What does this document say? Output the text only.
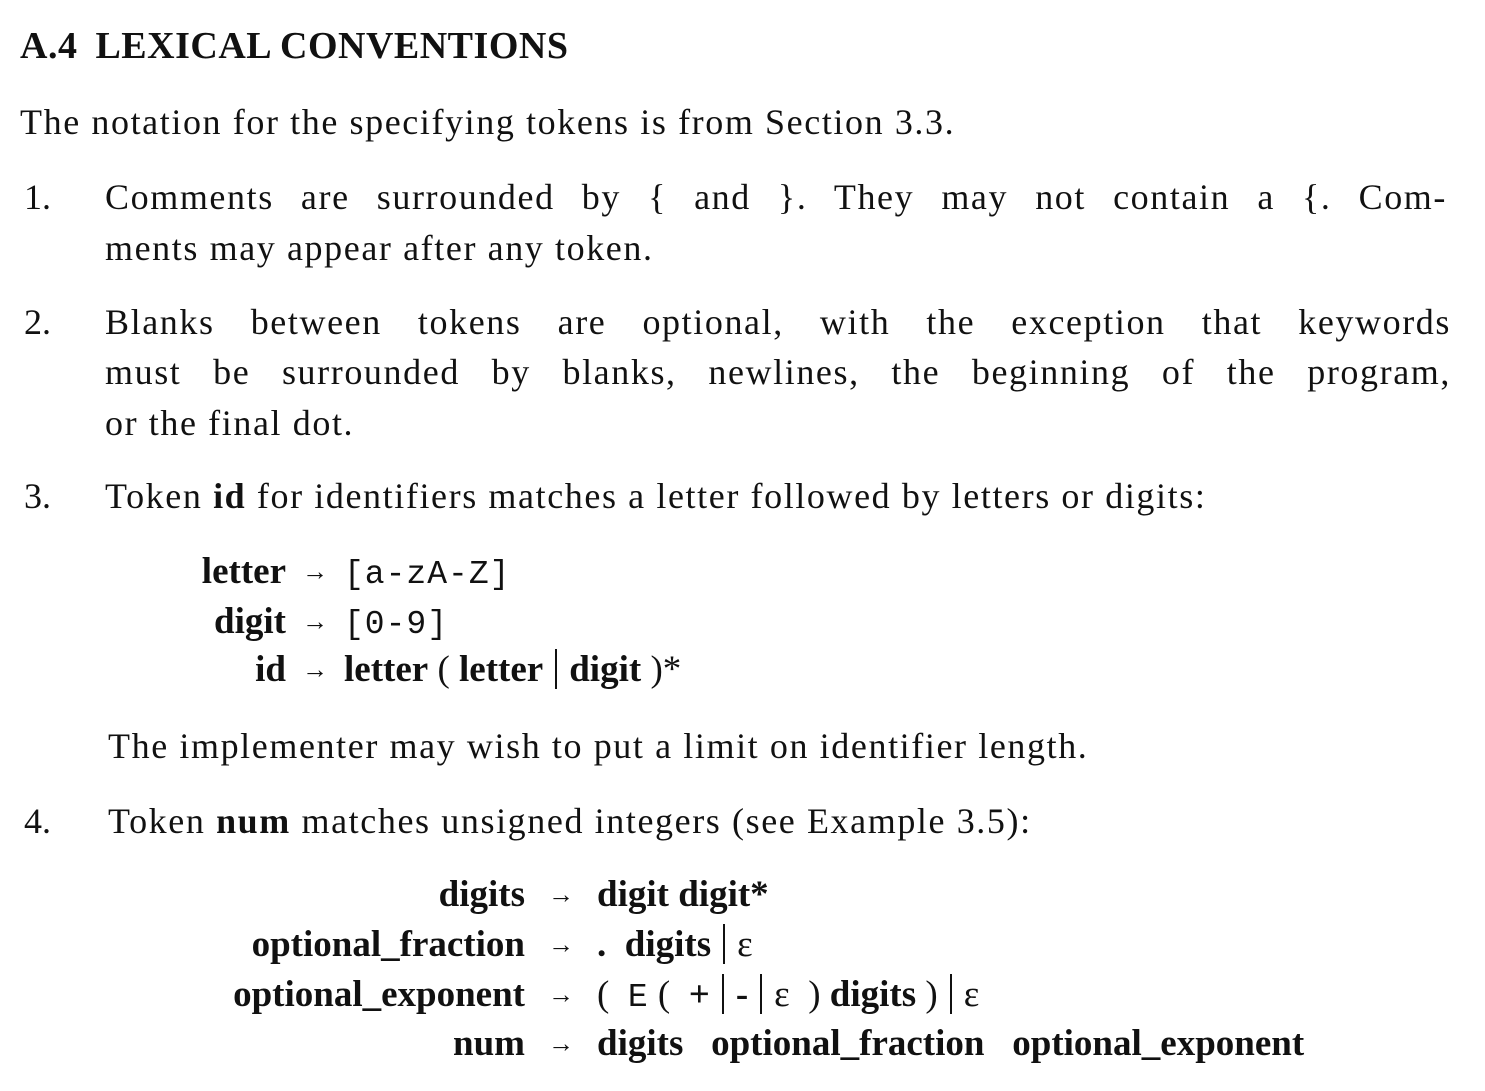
A.4 LEXICAL CONVENTIONS
The notation for the specifying tokens is from Section 3.3.
1. Comments are surrounded by { and }. They may not contain a {. Com-
ments may appear after any token.
2. Blanks between tokens are optional, with the exception that keywords
must be surrounded by blanks, newlines, the beginning of the program,
or the final dot.
3. Token id for identifiers matches a letter followed by letters or digits:
letter → [a-zA-Z]
digit → [0-9]
id → letter ( letter digit )*
The implementer may wish to put a limit on identifier length.
4. Token num matches unsigned integers (see Example 3.5):
digits → digit digit*
optional_fraction → . digits ε
optional_exponent → ( E ( + - ε ) digits ) ε
num → digits optional_fraction optional_exponent
